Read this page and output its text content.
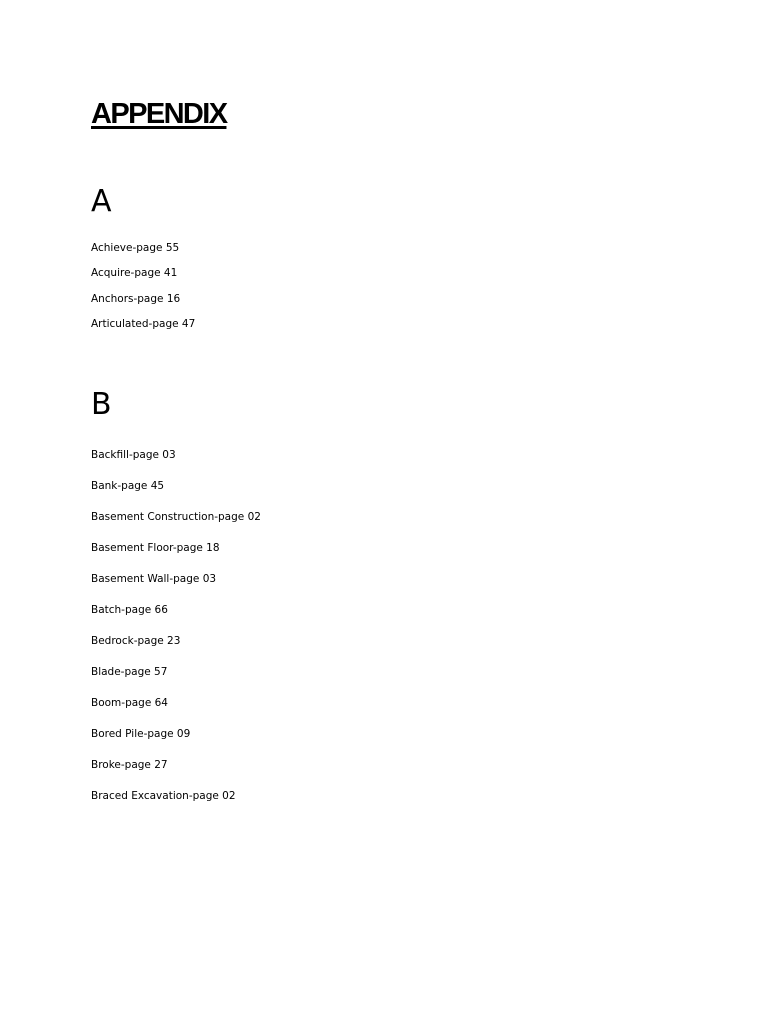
APPENDIX
A
Achieve-page 55
Acquire-page 41
Anchors-page 16
Articulated-page 47
B
Backfill-page 03
Bank-page 45
Basement Construction-page 02
Basement Floor-page 18
Basement Wall-page 03
Batch-page 66
Bedrock-page 23
Blade-page 57
Boom-page 64
Bored Pile-page 09
Broke-page 27
Braced Excavation-page 02
